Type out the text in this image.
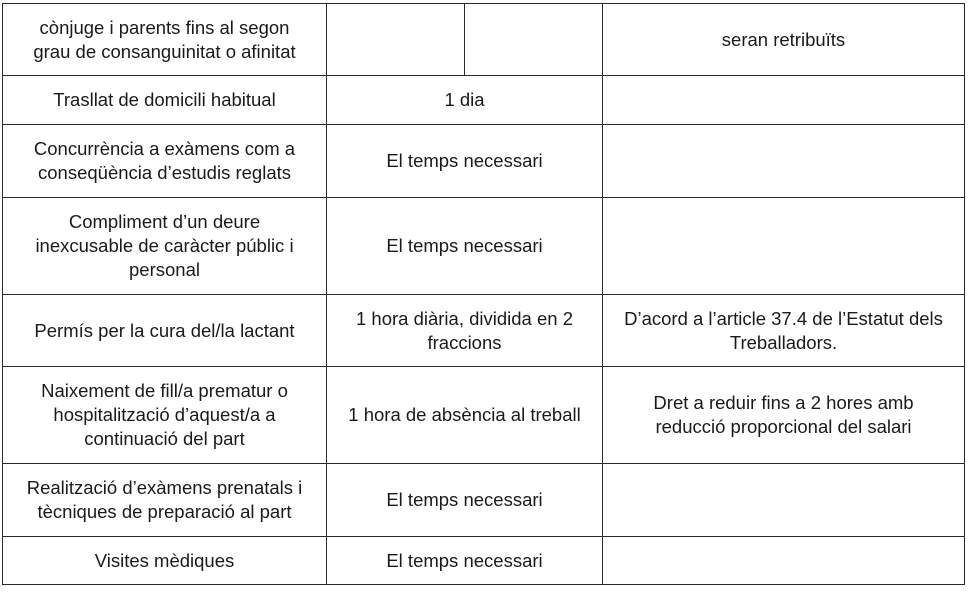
cònjuge i parents fins al segon
grau de consanguinitat o afinitat			seran retribuïts

Trasllat de domicili habitual	1 dia		

Concurrència a exàmens com a
conseqüència d’estudis reglats	El temps necessari		

Compliment d’un deure
inexcusable de caràcter públic i
personal	El temps necessari		

Permís per la cura del/la lactant	1 hora diària, dividida en 2
fraccions		D’acord a l’article 37.4 de l’Estatut dels
Treballadors.

Naixement de fill/a prematur o
hospitalització d’aquest/a a
continuació del part	1 hora de absència al treball		Dret a reduir fins a 2 hores amb
reducció proporcional del salari

Realització d’exàmens prenatals i
tècniques de preparació al part	El temps necessari		

Visites mèdiques	El temps necessari		
